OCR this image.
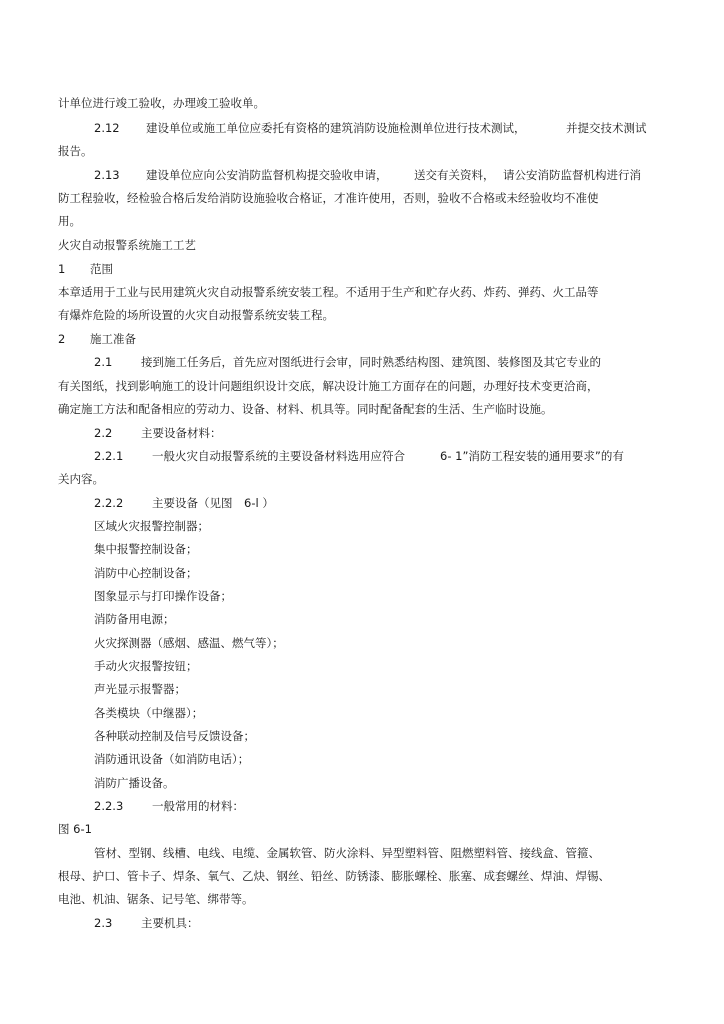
计单位进行竣工验收，办理竣工验收单。
2.12 建设单位或施工单位应委托有资格的建筑消防设施检测单位进行技术测试，	并提交技术测试
报告。
2.13 建设单位应向公安消防监督机构提交验收申请， 送交有关资料， 请公安消防监督机构进行消
防工程验收，经检验合格后发给消防设施验收合格证，才准许使用，否则，验收不合格或未经验收均不准使
用。
火灾自动报警系统施工工艺
1 范围
本章适用于工业与民用建筑火灾自动报警系统安装工程。不适用于生产和贮存火药、炸药、弹药、火工品等
有爆炸危险的场所设置的火灾自动报警系统安装工程。
2 施工准备
2.1 接到施工任务后，首先应对图纸进行会审，同时熟悉结构图、建筑图、装修图及其它专业的
有关图纸，找到影响施工的设计问题组织设计交底，解决设计施工方面存在的问题，办理好技术变更洽商，
确定施工方法和配备相应的劳动力、设备、材料、机具等。同时配备配套的生活、生产临时设施。
2.2 主要设备材料：
2.2.1 一般火灾自动报警系统的主要设备材料选用应符合	6- 1”消防工程安装的通用要求”的有
关内容。
2.2.2 主要设备（见图 6-l ）
区域火灾报警控制器；
集中报警控制设备；
消防中心控制设备；
图象显示与打印操作设备；
消防备用电源；
火灾探测器（感烟、感温、燃气等）；
手动火灾报警按钮；
声光显示报警器；
各类模块（中继器）；
各种联动控制及信号反馈设备；
消防通讯设备（如消防电话）；
消防广播设备。
2.2.3 一般常用的材料：
图 6-1
管材、型钢、线槽、电线、电缆、金属软管、防火涂料、异型塑料管、阻燃塑料管、接线盒、管箍、
根母、护口、管卡子、焊条、氧气、乙炔、钢丝、铅丝、防锈漆、膨胀螺栓、胀塞、成套螺丝、焊油、焊锡、
电池、机油、锯条、记号笔、绑带等。
2.3 主要机具：
